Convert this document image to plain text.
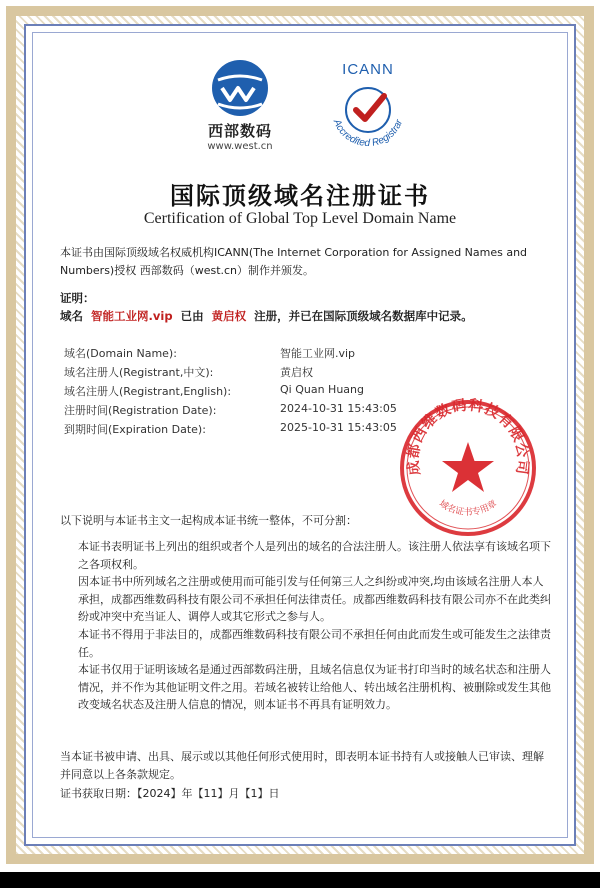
西部数码
www.west.cn
ICANN
Accredited Registrar
国际顶级域名注册证书
Certification of Global Top Level Domain Name
本证书由国际顶级域名权威机构ICANN(The Internet Corporation for Assigned Names and Numbers)授权 西部数码（west.cn）制作并颁发。
证明：
域名 智能工业网.vip 已由 黄启权 注册，并已在国际顶级域名数据库中记录。
域名(Domain Name):	智能工业网.vip
域名注册人(Registrant,中文):	黄启权
域名注册人(Registrant,English):	Qi Quan Huang
注册时间(Registration Date):	2024-10-31 15:43:05
到期时间(Expiration Date):	2025-10-31 15:43:05
成都西维数码科技有限公司
域名证书专用章
以下说明与本证书主文一起构成本证书统一整体，不可分割：

本证书表明证书上列出的组织或者个人是列出的域名的合法注册人。该注册人依法享有该域名项下之各项权利。

因本证书中所列域名之注册或使用而可能引发与任何第三人之纠纷或冲突,均由该域名注册人本人承担，成都西维数码科技有限公司不承担任何法律责任。成都西维数码科技有限公司亦不在此类纠纷或冲突中充当证人、调停人或其它形式之参与人。

本证书不得用于非法目的，成都西维数码科技有限公司不承担任何由此而发生或可能发生之法律责任。

本证书仅用于证明该域名是通过西部数码注册，且域名信息仅为证书打印当时的域名状态和注册人情况，并不作为其他证明文件之用。若域名被转让给他人、转出域名注册机构、被删除或发生其他改变域名状态及注册人信息的情况，则本证书不再具有证明效力。

当本证书被申请、出具、展示或以其他任何形式使用时，即表明本证书持有人或接触人已审读、理解并同意以上各条款规定。
证书获取日期：【2024】年【11】月【1】日
